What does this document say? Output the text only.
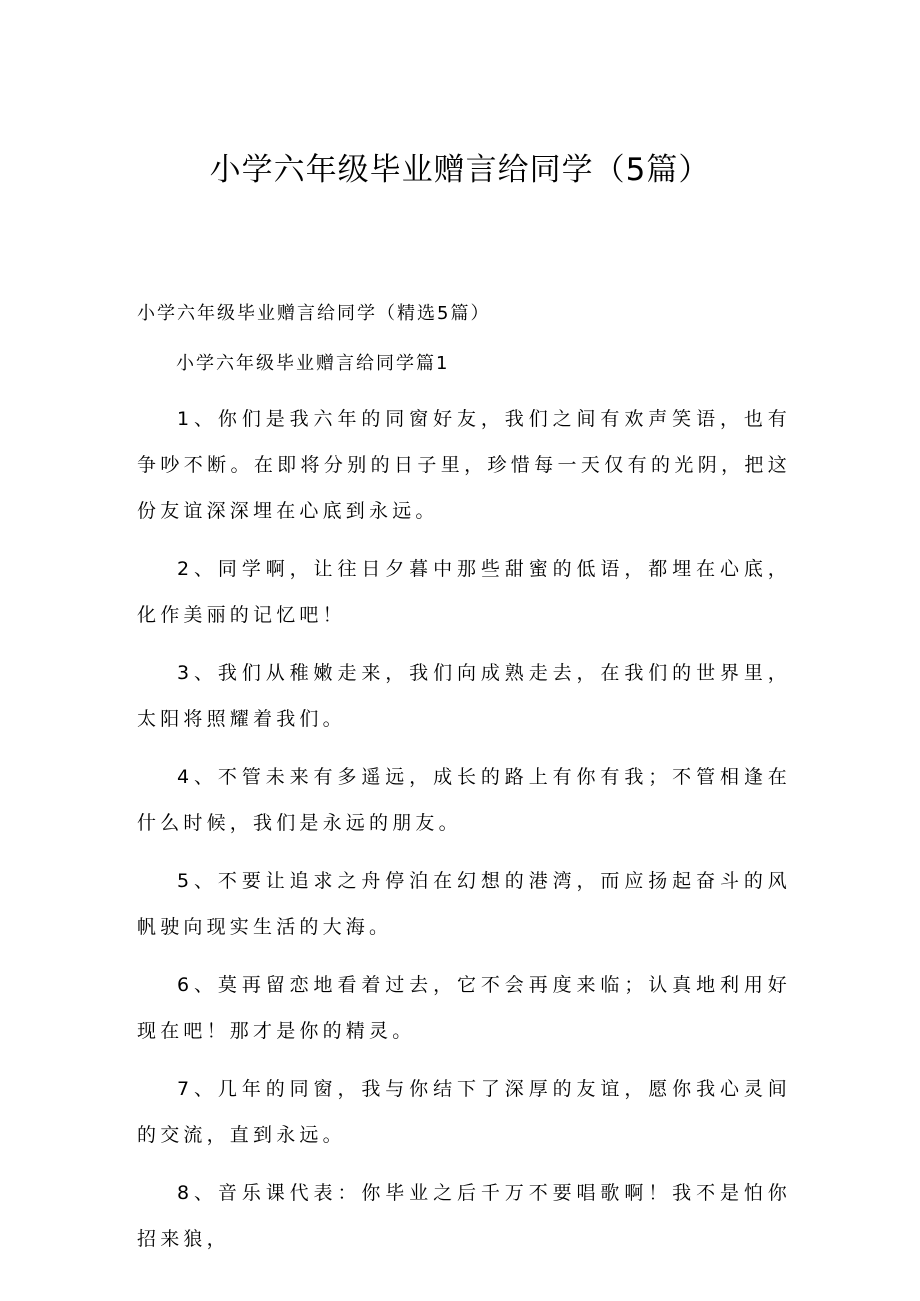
小学六年级毕业赠言给同学（5篇）
小学六年级毕业赠言给同学（精选5篇）
小学六年级毕业赠言给同学篇1

1、你们是我六年的同窗好友，我们之间有欢声笑语，也有争吵不断。在即将分别的日子里，珍惜每一天仅有的光阴，把这份友谊深深埋在心底到永远。

2、同学啊，让往日夕暮中那些甜蜜的低语，都埋在心底，化作美丽的记忆吧！

3、我们从稚嫩走来，我们向成熟走去，在我们的世界里，太阳将照耀着我们。

4、不管未来有多遥远，成长的路上有你有我；不管相逢在什么时候，我们是永远的朋友。

5、不要让追求之舟停泊在幻想的港湾，而应扬起奋斗的风帆驶向现实生活的大海。

6、莫再留恋地看着过去，它不会再度来临；认真地利用好现在吧！那才是你的精灵。

7、几年的同窗，我与你结下了深厚的友谊，愿你我心灵间的交流，直到永远。

8、音乐课代表：你毕业之后千万不要唱歌啊！我不是怕你招来狼，
